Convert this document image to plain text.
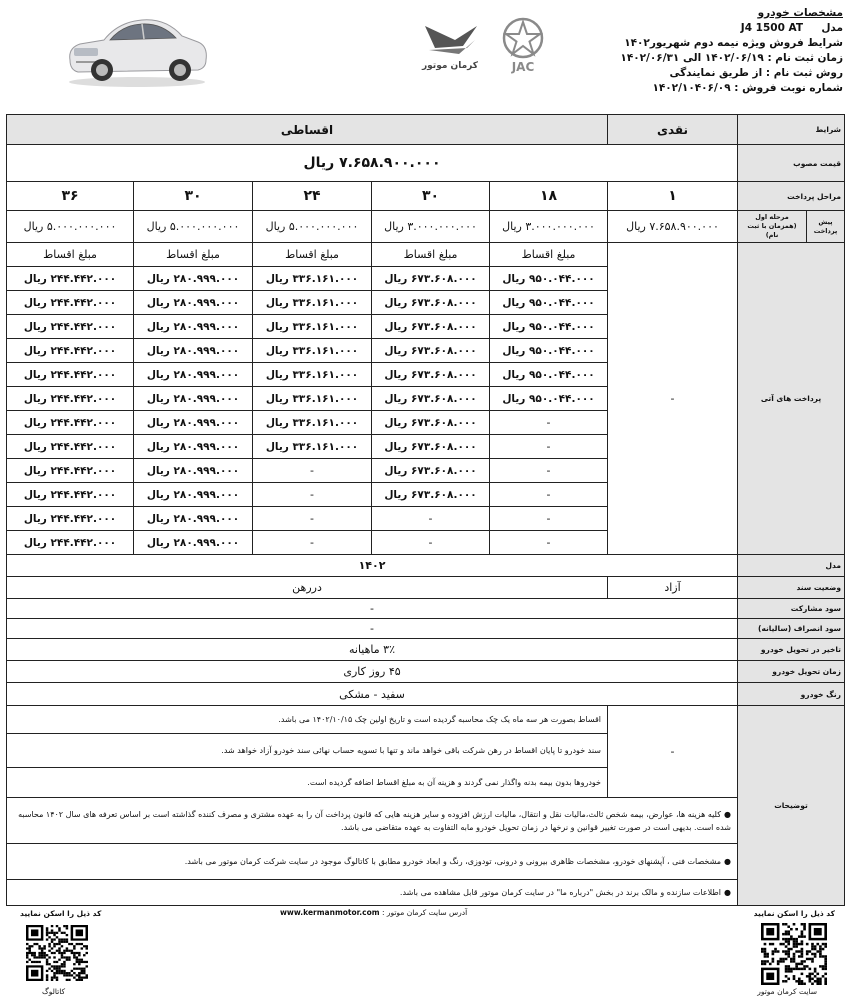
مشخصات خودرو
مدل     J4 1500 AT
شرایط فروش ویژه نیمه دوم شهریور۱۴۰۲
زمان ثبت نام : ۱۴۰۲/۰۶/۱۹ الی ۱۴۰۲/۰۶/۳۱
روش ثبت نام : از طریق نمایندگی
شماره نوبت فروش : ۱۴۰۲/۱۰۴۰۶/۰۹
JAC
کرمان موتور
شرایط		نقدی	اقساطی				
قیمت مصوب		۷.۶۵۸.۹۰۰.۰۰۰ ریال					
مراحل پرداخت		۱	۱۸	۳۰	۲۴	۳۰	۳۶
پیش پرداخت	مرحله اول (همزمان با ثبت نام)	۷.۶۵۸.۹۰۰.۰۰۰ ریال	۳.۰۰۰.۰۰۰.۰۰۰ ریال	۳.۰۰۰.۰۰۰.۰۰۰ ریال	۵.۰۰۰.۰۰۰.۰۰۰ ریال	۵.۰۰۰.۰۰۰.۰۰۰ ریال	۵.۰۰۰.۰۰۰.۰۰۰ ریال
پرداخت های آتی		-	مبلغ اقساط	مبلغ اقساط	مبلغ اقساط	مبلغ اقساط	مبلغ اقساط
			۹۵۰.۰۴۴.۰۰۰ ریال	۶۷۳.۶۰۸.۰۰۰ ریال	۳۳۶.۱۶۱.۰۰۰ ریال	۲۸۰.۹۹۹.۰۰۰ ریال	۲۴۴.۴۴۲.۰۰۰ ریال
			۹۵۰.۰۴۴.۰۰۰ ریال	۶۷۳.۶۰۸.۰۰۰ ریال	۳۳۶.۱۶۱.۰۰۰ ریال	۲۸۰.۹۹۹.۰۰۰ ریال	۲۴۴.۴۴۲.۰۰۰ ریال
			۹۵۰.۰۴۴.۰۰۰ ریال	۶۷۳.۶۰۸.۰۰۰ ریال	۳۳۶.۱۶۱.۰۰۰ ریال	۲۸۰.۹۹۹.۰۰۰ ریال	۲۴۴.۴۴۲.۰۰۰ ریال
			۹۵۰.۰۴۴.۰۰۰ ریال	۶۷۳.۶۰۸.۰۰۰ ریال	۳۳۶.۱۶۱.۰۰۰ ریال	۲۸۰.۹۹۹.۰۰۰ ریال	۲۴۴.۴۴۲.۰۰۰ ریال
			۹۵۰.۰۴۴.۰۰۰ ریال	۶۷۳.۶۰۸.۰۰۰ ریال	۳۳۶.۱۶۱.۰۰۰ ریال	۲۸۰.۹۹۹.۰۰۰ ریال	۲۴۴.۴۴۲.۰۰۰ ریال
			۹۵۰.۰۴۴.۰۰۰ ریال	۶۷۳.۶۰۸.۰۰۰ ریال	۳۳۶.۱۶۱.۰۰۰ ریال	۲۸۰.۹۹۹.۰۰۰ ریال	۲۴۴.۴۴۲.۰۰۰ ریال
			-	۶۷۳.۶۰۸.۰۰۰ ریال	۳۳۶.۱۶۱.۰۰۰ ریال	۲۸۰.۹۹۹.۰۰۰ ریال	۲۴۴.۴۴۲.۰۰۰ ریال
			-	۶۷۳.۶۰۸.۰۰۰ ریال	۳۳۶.۱۶۱.۰۰۰ ریال	۲۸۰.۹۹۹.۰۰۰ ریال	۲۴۴.۴۴۲.۰۰۰ ریال
			-	۶۷۳.۶۰۸.۰۰۰ ریال	-	۲۸۰.۹۹۹.۰۰۰ ریال	۲۴۴.۴۴۲.۰۰۰ ریال
			-	۶۷۳.۶۰۸.۰۰۰ ریال	-	۲۸۰.۹۹۹.۰۰۰ ریال	۲۴۴.۴۴۲.۰۰۰ ریال
			-	-	-	۲۸۰.۹۹۹.۰۰۰ ریال	۲۴۴.۴۴۲.۰۰۰ ریال
			-	-	-	۲۸۰.۹۹۹.۰۰۰ ریال	۲۴۴.۴۴۲.۰۰۰ ریال
مدل		۱۴۰۲					
وضعیت سند		آزاد	دررهن				
سود مشارکت		-					
سود انصراف (سالیانه)		-					
تاخیر در تحویل خودرو		۳٪ ماهیانه					
زمان تحویل خودرو		۴۵ روز کاری					
رنگ خودرو		سفید - مشکی					
توضیحات		-	اقساط بصورت هر سه ماه یک چک محاسبه گردیده است و تاریخ اولین چک ۱۴۰۲/۱۰/۱۵ می باشد.				
			سند خودرو تا پایان اقساط در رهن شرکت باقی خواهد ماند و تنها با تسویه حساب نهائی سند خودرو آزاد خواهد شد.				
			خودروها بدون بیمه بدنه واگذار نمی گردند و هزینه آن به مبلغ اقساط اضافه گردیده است.				
		●کلیه هزینه ها، عوارض، بیمه شخص ثالث،مالیات نقل و انتقال، مالیات ارزش افزوده و سایر هزینه هایی که قانون پرداخت آن را به عهده مشتری و مصرف کننده گذاشته است بر اساس تعرفه های سال ۱۴۰۲ محاسبه شده است. بدیهی است در صورت تغییر قوانین و نرخها در زمان تحویل خودرو مابه التفاوت به عهده متقاضی می باشد.					
		●مشخصات فنی ، آپشنهای خودرو، مشخصات ظاهری بیرونی و درونی، تودوزی، رنگ و ابعاد خودرو مطابق با کاتالوگ موجود در سایت شرکت کرمان موتور می باشد.					
		●اطلاعات سازنده و مالک برند در بخش "درباره ما" در سایت کرمان موتور قابل مشاهده می باشد.					
کد ذیل را اسکن نمایید
کد ذیل را اسکن نمایید	آدرس سایت کرمان موتور : www.kermanmotor.com
سایت کرمان موتور
کاتالوگ
